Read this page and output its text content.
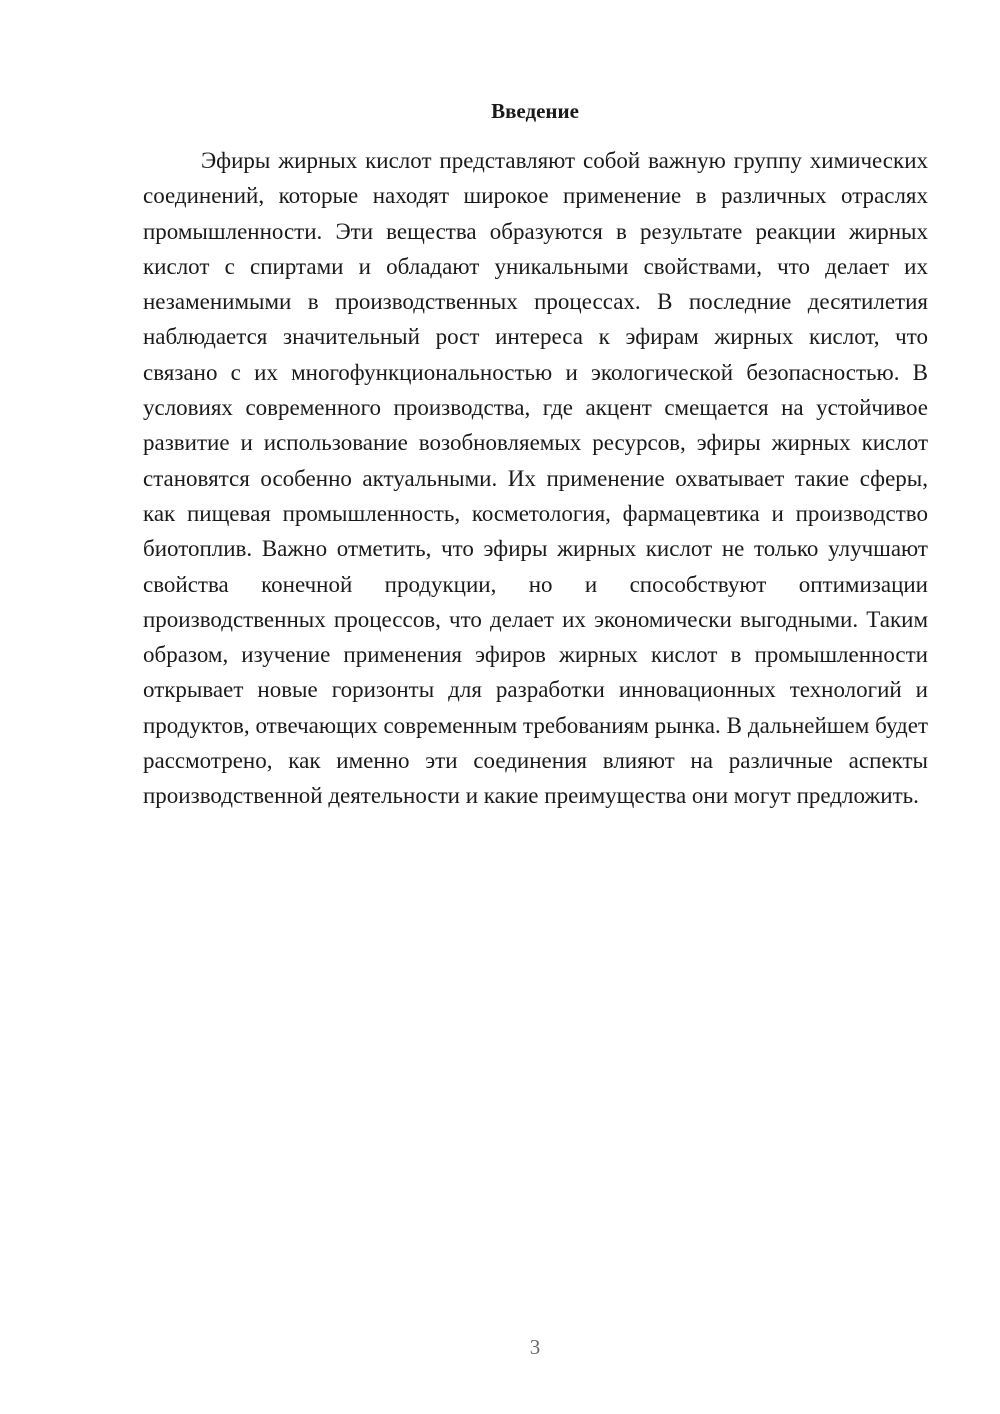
Введение

Эфиры жирных кислот представляют собой важную группу химических соединений, которые находят широкое применение в различных отраслях промышленности. Эти вещества образуются в результате реакции жирных кислот с спиртами и обладают уникальными свойствами, что делает их незаменимыми в производственных процессах. В последние десятилетия наблюдается значительный рост интереса к эфирам жирных кислот, что связано с их многофункциональностью и экологической безопасностью. В условиях современного производства, где акцент смещается на устойчивое развитие и использование возобновляемых ресурсов, эфиры жирных кислот становятся особенно актуальными. Их применение охватывает такие сферы, как пищевая промышленность, косметология, фармацевтика и производство биотоплив. Важно отметить, что эфиры жирных кислот не только улучшают свойства конечной продукции, но и способствуют оптимизации производственных процессов, что делает их экономически выгодными. Таким образом, изучение применения эфиров жирных кислот в промышленности открывает новые горизонты для разработки инновационных технологий и продуктов, отвечающих современным требованиям рынка. В дальнейшем будет рассмотрено, как именно эти соединения влияют на различные аспекты производственной деятельности и какие преимущества они могут предложить.

3
